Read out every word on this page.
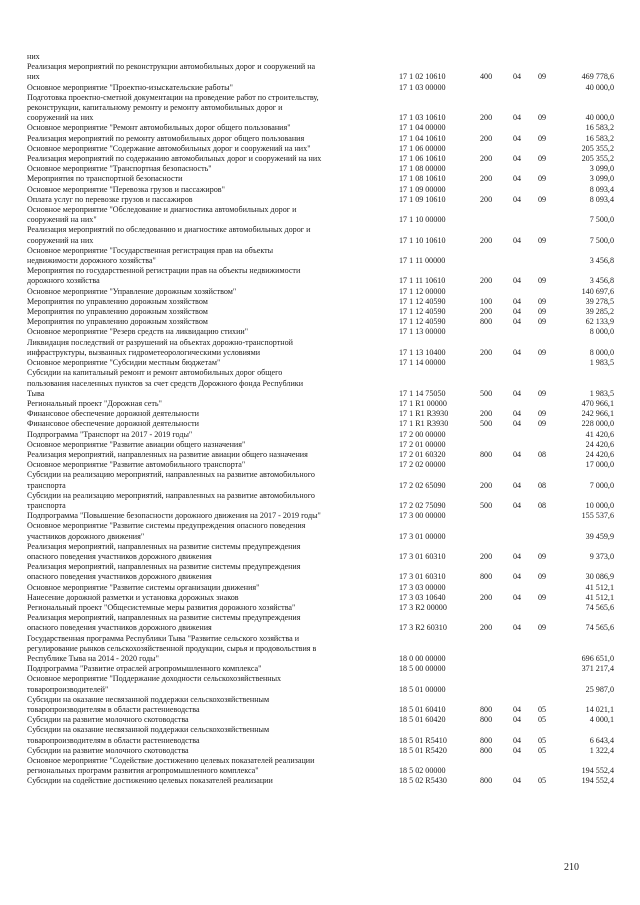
них
Реализация мероприятий по реконструкции автомобильных дорог и сооружений на
них	17 1 02 10610	400	04 09	469 778,6
Основное мероприятие "Проектно-изыскательские работы"	17 1 03 00000	40 000,0
Подготовка проектно-сметной документации на проведение работ по строительству,
реконструкции, капитальному ремонту и ремонту автомобильных дорог и
сооружений на них	17 1 03 10610	200	04 09	40 000,0
Основное мероприятие "Ремонт автомобильных дорог общего пользования"	17 1 04 00000	16 583,2
Реализация мероприятий по ремонту автомобильных дорог общего пользования	17 1 04 10610	200	04 09	16 583,2
Основное мероприятие "Содержание автомобильных дорог и сооружений на них"	17 1 06 00000	205 355,2
Реализация мероприятий по содержанию автомобильных дорог и сооружений на них	17 1 06 10610	200	04 09	205 355,2
Основное мероприятие "Транспортная безопасность"	17 1 08 00000	3 099,0
Мероприятия по транспортной безопасности	17 1 08 10610	200	04 09	3 099,0
Основное мероприятие "Перевозка грузов и пассажиров"	17 1 09 00000	8 093,4
Оплата услуг по перевозке грузов и пассажиров	17 1 09 10610	200	04 09	8 093,4
Основное мероприятие "Обследование и диагностика автомобильных дорог и
сооружений на них"	17 1 10 00000	7 500,0
Реализация мероприятий по обследованию и диагностике автомобильных дорог и
сооружений на них	17 1 10 10610	200	04 09	7 500,0
Основное мероприятие "Государственная регистрация прав на объекты
недвижимости дорожного хозяйства"	17 1 11 00000	3 456,8
Мероприятия по государственной регистрации прав на объекты недвижимости
дорожного хозяйства	17 1 11 10610	200	04 09	3 456,8
Основное мероприятие "Управление дорожным хозяйством"	17 1 12 00000	140 697,6
Мероприятия по управлению дорожным хозяйством	17 1 12 40590	100	04 09	39 278,5
Мероприятия по управлению дорожным хозяйством	17 1 12 40590	200	04 09	39 285,2
Мероприятия по управлению дорожным хозяйством	17 1 12 40590	800	04 09	62 133,9
Основное мероприятие "Резерв средств на ликвидацию стихии"	17 1 13 00000	8 000,0
Ликвидация последствий от разрушений на объектах дорожно-транспортной
инфраструктуры, вызванных гидрометеорологическими условиями	17 1 13 10400	200	04 09	8 000,0
Основное мероприятие "Субсидии местным бюджетам"	17 1 14 00000	1 983,5
Субсидии на капитальный ремонт и ремонт автомобильных дорог общего
пользования населенных пунктов за счет средств Дорожного фонда Республики
Тыва	17 1 14 75050	500	04 09	1 983,5
Региональный проект "Дорожная сеть"	17 1 R1 00000	470 966,1
Финансовое обеспечение дорожной деятельности	17 1 R1 R3930	200	04 09	242 966,1
Финансовое обеспечение дорожной деятельности	17 1 R1 R3930	500	04 09	228 000,0
Подпрограмма "Транспорт на 2017 - 2019 годы"	17 2 00 00000	41 420,6
Основное мероприятие "Развитие авиации общего назначения"	17 2 01 00000	24 420,6
Реализация мероприятий, направленных на развитие авиации общего назначения	17 2 01 60320	800	04 08	24 420,6
Основное мероприятие "Развитие автомобильного транспорта"	17 2 02 00000	17 000,0
Субсидии на реализацию мероприятий, направленных на развитие автомобильного
транспорта	17 2 02 65090	200	04 08	7 000,0
Субсидии на реализацию мероприятий, направленных на развитие автомобильного
транспорта	17 2 02 75090	500	04 08	10 000,0
Подпрограмма "Повышение безопасности дорожного движения на 2017 - 2019 годы"	17 3 00 00000	155 537,6
Основное мероприятие "Развитие системы предупреждения опасного поведения
участников дорожного движения"	17 3 01 00000	39 459,9
Реализация мероприятий, направленных на развитие системы предупреждения
опасного поведения участников дорожного движения	17 3 01 60310	200	04 09	9 373,0
Реализация мероприятий, направленных на развитие системы предупреждения
опасного поведения участников дорожного движения	17 3 01 60310	800	04 09	30 086,9
Основное мероприятие "Развитие системы организации движения"	17 3 03 00000	41 512,1
Нанесение дорожной разметки и установка дорожных знаков	17 3 03 10640	200	04 09	41 512,1
Региональный проект "Общесистемные меры развития дорожного хозяйства"	17 3 R2 00000	74 565,6
Реализация мероприятий, направленных на развитие системы предупреждения
опасного поведения участников дорожного движения	17 3 R2 60310	200	04 09	74 565,6
Государственная программа Республики Тыва "Развитие сельского хозяйства и
регулирование рынков сельскохозяйственной продукции, сырья и продовольствия в
Республике Тыва на 2014 - 2020 годы"	18 0 00 00000	696 651,0
Подпрограмма "Развитие отраслей агропромышленного комплекса"	18 5 00 00000	371 217,4
Основное мероприятие "Поддержание доходности сельскохозяйственных
товаропроизводителей"	18 5 01 00000	25 987,0
Субсидии на оказание несвязанной поддержки сельскохозяйственным
товаропроизводителям в области растениеводства	18 5 01 60410	800	04 05	14 021,1
Субсидии на развитие молочного скотоводства	18 5 01 60420	800	04 05	4 000,1
Субсидии на оказание несвязанной поддержки сельскохозяйственным
товаропроизводителям в области растениеводства	18 5 01 R5410	800	04 05	6 643,4
Субсидии на развитие молочного скотоводства	18 5 01 R5420	800	04 05	1 322,4
Основное мероприятие "Содействие достижению целевых показателей реализации
региональных программ развития агропромышленного комплекса"	18 5 02 00000	194 552,4
Субсидии на содействие достижению целевых показателей реализации	18 5 02 R5430	800	04 05	194 552,4
210
